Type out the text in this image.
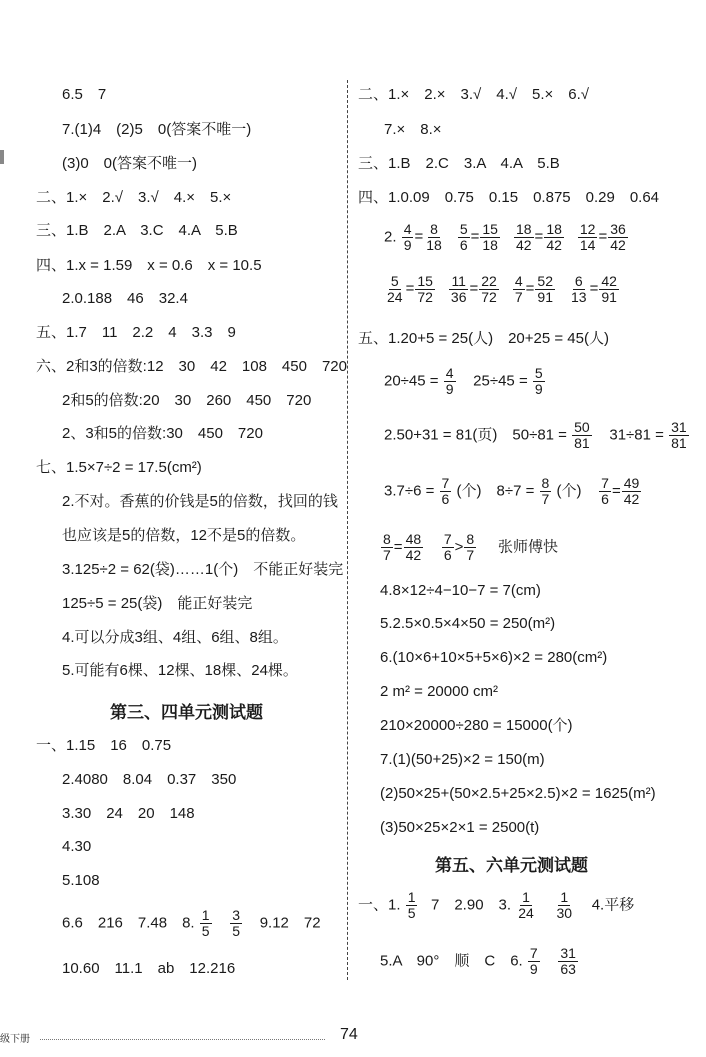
6.5　7
7.(1)4　(2)5　0(答案不唯一)
(3)0　0(答案不唯一)
二、1.×　2.√　3.√　4.×　5.×
三、1.B　2.A　3.C　4.A　5.B
四、1.x = 1.59　x = 0.6　x = 10.5
2.0.188　46　32.4
五、1.7　11　2.2　4　3.3　9
六、2和3的倍数:12　30　42　108　450　720
2和5的倍数:20　30　260　450　720
2、3和5的倍数:30　450　720
七、1.5×7÷2 = 17.5(cm²)
2.不对。香蕉的价钱是5的倍数，找回的钱
也应该是5的倍数，12不是5的倍数。
3.125÷2 = 62(袋)……1(个)　不能正好装完
125÷5 = 25(袋)　能正好装完
4.可以分成3组、4组、6组、8组。
5.可能有6棵、12棵、18棵、24棵。
第三、四单元测试题
一、1.15　16　0.75
2.4080　8.04　0.37　350
3.30　24　20　148
4.30
5.108
6.6　216　7.48　8. $\frac{1}{5}$
$\frac{3}{5} 9.12$　72
10.60　11.1　ab　12.216
二、1.×　2.×　3.√　4.√　5.×　6.√
7.×　8.×
三、1.B　2.C　3.A　4.A　5.B
四、1.0.09　0.75　0.15　0.875　0.29　0.64
2. $\frac{4}{9} = \frac{8}{18} \frac{5}{6} = \frac{15}{18} \frac{18}{42} = \frac{18}{42} \frac{12}{14} = \frac{36}{42}$
$\frac{5}{24} = \frac{15}{72} \frac{11}{36} = \frac{22}{72} \frac{4}{7} = \frac{52}{91} \frac{6}{13} = \frac{42}{91}$
五、1.20+5 = 25(人)　20+25 = 45(人)
$20\div 45 = \frac{4}{9} 25\div 45 = \frac{5}{9}$
2.50+31 = 81(页)　$50\div 81 = \frac{50}{81} 31\div 81 = \frac{31}{81}$
$3.7\div 6 = \frac{7}{6}$ (个)　$8\div 7 = \frac{8}{7}$ (个) $\frac{7}{6} = \frac{49}{42}$
$\frac{8}{7} = \frac{48}{42}$
$\frac{7}{6} > \frac{8}{7}$ 张师傅快
4.8×12÷4−10−7 = 7(cm)
5.2.5×0.5×4×50 = 250(m²)
6.(10×6+10×5+5×6)×2 = 280(cm²)
2 m² = 20000 cm²
210×20000÷280 = 15000(个)
7.(1)(50+25)×2 = 150(m)
(2)50×25+(50×2.5+25×2.5)×2 = 1625(m²)
(3)50×25×2×1 = 2500(t)
第五、六单元测试题
一、1. $\frac{1}{5} 7$　2.90　3. $\frac{1}{24}$
$\frac{1}{30} 4$.平移
5.A　90°　顺　C　6. $\frac{7}{9}$
$\frac{31}{63}$
级下册	74
